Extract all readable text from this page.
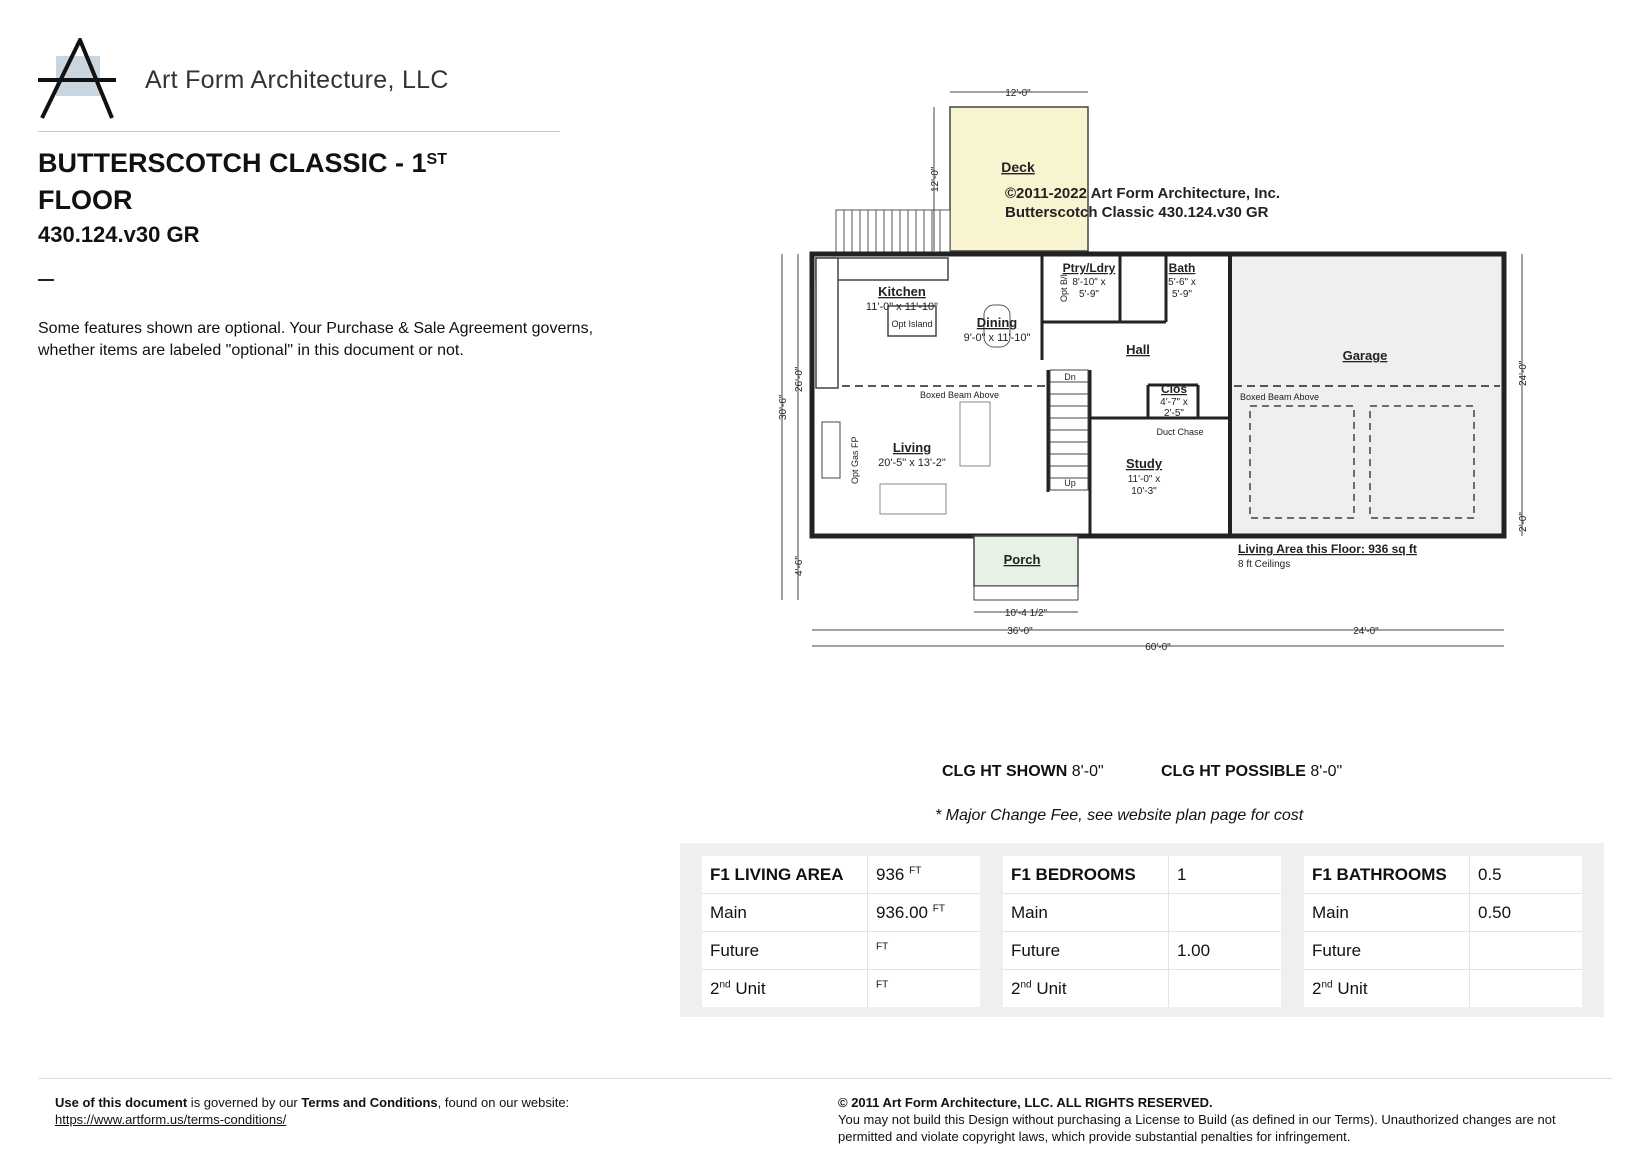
Art Form Architecture, LLC
BUTTERSCOTCH CLASSIC - 1ST
FLOOR
430.124.v30 GR
Some features shown are optional. Your Purchase & Sale Agreement governs, whether items are labeled "optional" in this document or not.
Deck
©2011-2022 Art Form Architecture, Inc.
Butterscotch Classic 430.124.v30 GR
Kitchen
11'-0" x 11'-10"
Opt Island	Dining
9'-0" x 11'-10"
Ptry/Ldry
8'-10" x
5'-9"
Opt B/I
Bath
5'-6" x
5'-9"
Hall
Clos
4'-7" x
2'-5"
Duct Chase
Garage
Living
20'-5" x 13'-2"
Opt Gas FP	Study
11'-0" x
10'-3"
Porch
Dn
Up
Boxed Beam Above	Boxed Beam Above
Living Area this Floor: 936 sq ft
8 ft Ceilings
12'-0"
12'-0"
30'-6"
26'-0"
4'-6"
24'-0"
2'-0"
10'-4 1/2"
36'-0"	24'-0"
60'-0"
CLG HT SHOWN 8'-0"	CLG HT POSSIBLE 8'-0"
* Major Change Fee, see website plan page for cost
F1 LIVING AREA	936 $^{FT}$
Main	936.00 $^{FT}$
Future	$^{FT}$
2nd Unit	$^{FT}$
F1 BEDROOMS	1
Main	
Future	1.00
2nd Unit	
F1 BATHROOMS	0.5
Main	0.50
Future	
2nd Unit	
Use of this document is governed by our Terms and Conditions, found on our website:
https://www.artform.us/terms-conditions/
© 2011 Art Form Architecture, LLC. ALL RIGHTS RESERVED.
You may not build this Design without purchasing a License to Build (as defined in our Terms). Unauthorized changes are not permitted and violate copyright laws, which provide substantial penalties for infringement.
